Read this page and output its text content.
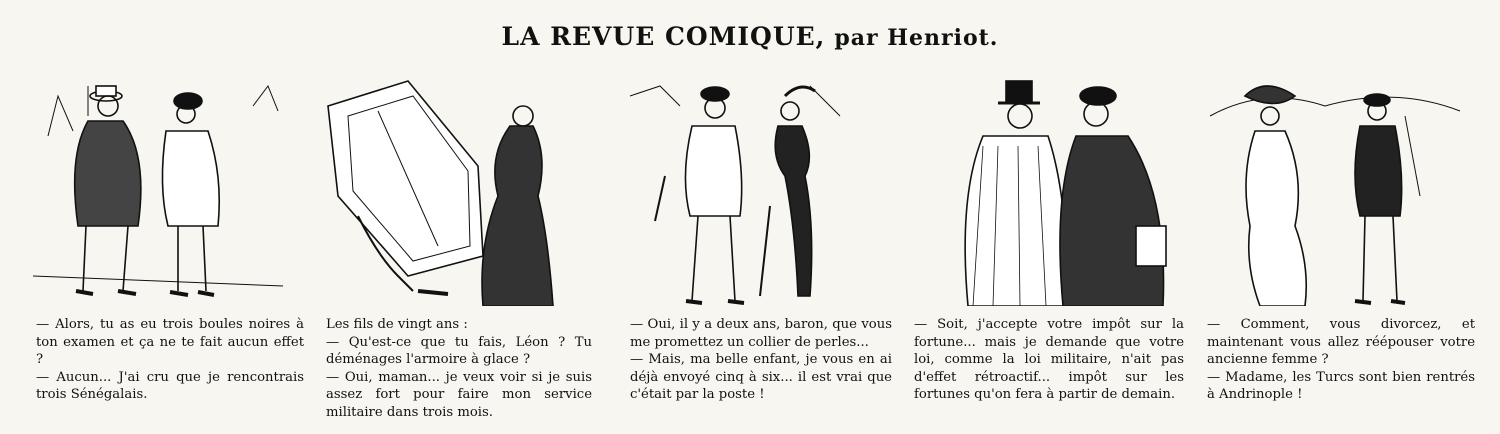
LA REVUE COMIQUE, par Henriot.

— Alors, tu as eu trois boules noires à ton examen et ça ne te fait aucun effet ?

— Aucun... J'ai cru que je rencontrais trois Sénégalais.

Les fils de vingt ans :

— Qu'est-ce que tu fais, Léon ? Tu déménages l'armoire à glace ?

— Oui, maman... je veux voir si je suis assez fort pour faire mon service militaire dans trois mois.

— Oui, il y a deux ans, baron, que vous me promettez un collier de perles...

— Mais, ma belle enfant, je vous en ai déjà envoyé cinq à six... il est vrai que c'était par la poste !

— Soit, j'accepte votre impôt sur la fortune... mais je demande que votre loi, comme la loi militaire, n'ait pas d'effet rétroactif... impôt sur les fortunes qu'on fera à partir de demain.

— Comment, vous divorcez, et maintenant vous allez réépouser votre ancienne femme ?

— Madame, les Turcs sont bien rentrés à Andrinople !
